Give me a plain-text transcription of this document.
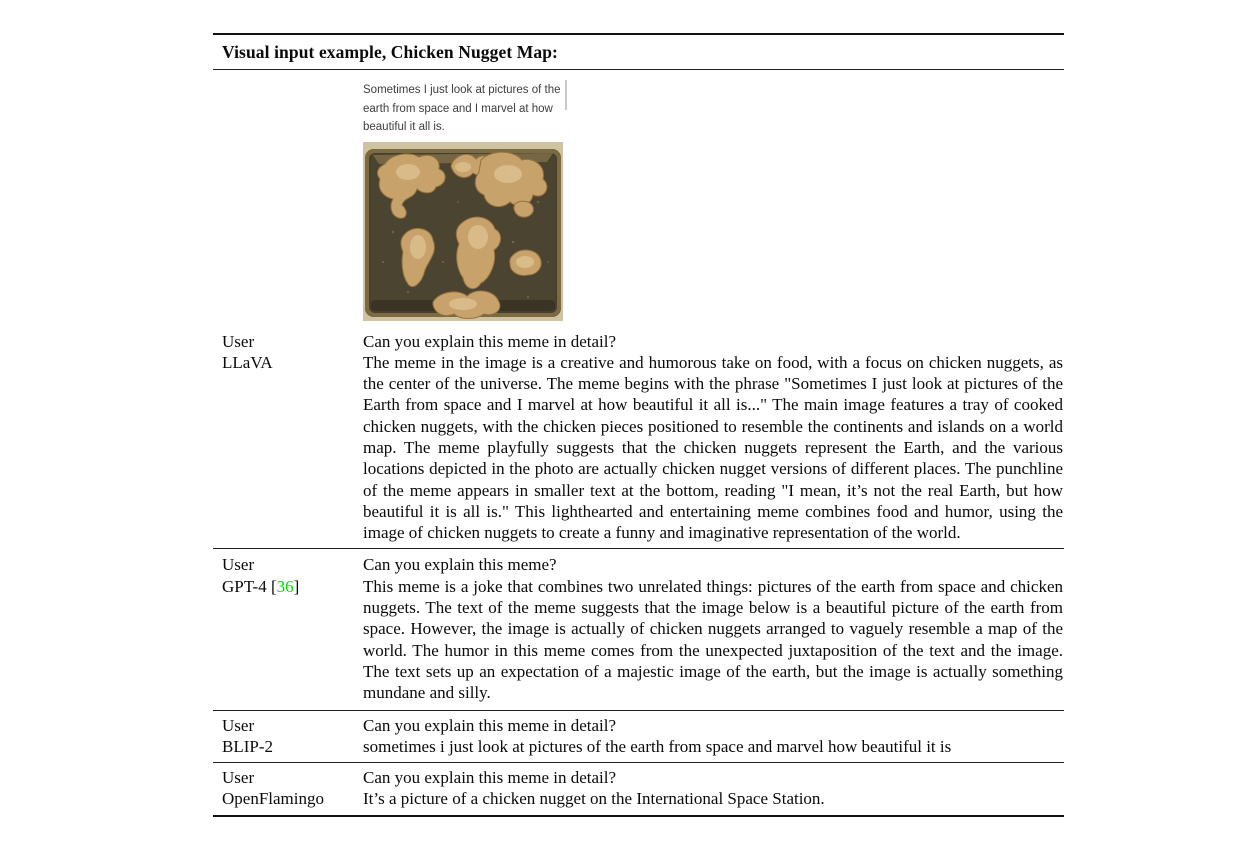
Visual input example, Chicken Nugget Map:
Sometimes I just look at pictures of the earth from space and I marvel at how beautiful it all is.
User
LLaVA
Can you explain this meme in detail?
The meme in the image is a creative and humorous take on food, with a focus on chicken nuggets, as the center of the universe. The meme begins with the phrase "Sometimes I just look at pictures of the Earth from space and I marvel at how beautiful it all is..." The main image features a tray of cooked chicken nuggets, with the chicken pieces positioned to resemble the continents and islands on a world map. The meme playfully suggests that the chicken nuggets represent the Earth, and the various locations depicted in the photo are actually chicken nugget versions of different places. The punchline of the meme appears in smaller text at the bottom, reading "I mean, it’s not the real Earth, but how beautiful it is all is." This lighthearted and entertaining meme combines food and humor, using the image of chicken nuggets to create a funny and imaginative representation of the world.
User
GPT-4 [36]
Can you explain this meme?
This meme is a joke that combines two unrelated things: pictures of the earth from space and chicken nuggets. The text of the meme suggests that the image below is a beautiful picture of the earth from space. However, the image is actually of chicken nuggets arranged to vaguely resemble a map of the world. The humor in this meme comes from the unexpected juxtaposition of the text and the image. The text sets up an expectation of a majestic image of the earth, but the image is actually something mundane and silly.
User
BLIP-2
Can you explain this meme in detail?
sometimes i just look at pictures of the earth from space and marvel how beautiful it is
User
OpenFlamingo
Can you explain this meme in detail?
It’s a picture of a chicken nugget on the International Space Station.
